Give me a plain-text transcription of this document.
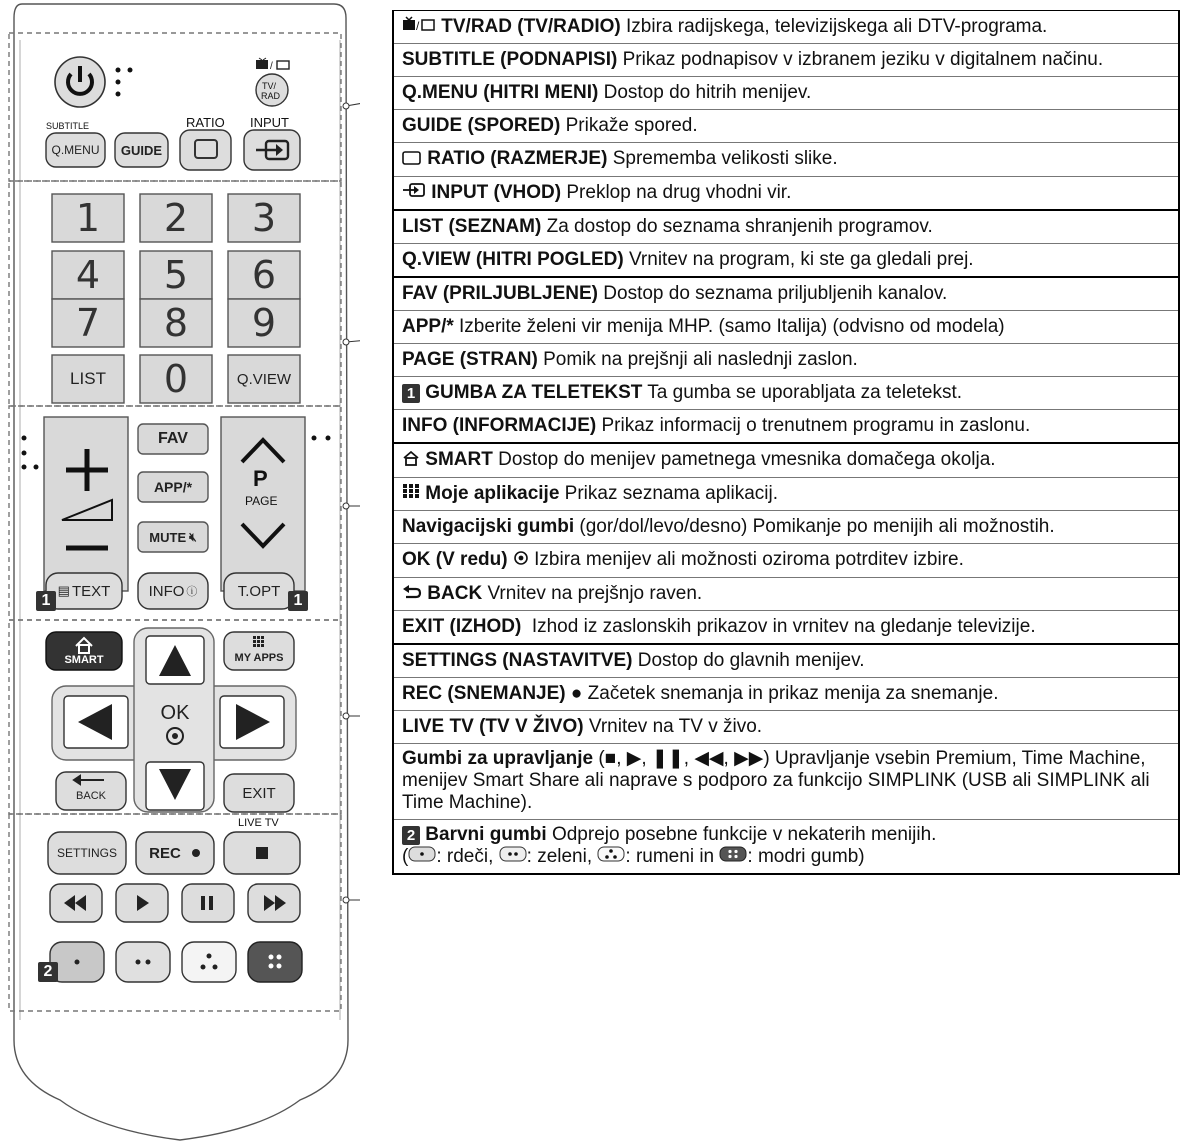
/
SUBTITLE	RATIO INPUT
TV/
RAD
LIVE TV
P
PAGE
Q.MENU	GUIDE
1	2	3
4	5	6
7	8	9
0
LIST	Q.VIEW
FAV
APP/*
MUTE 🔇︎
▤ TEXT	INFO ⓘ	T.OPT
SMART	MY APPS
OK
BACK	EXIT
SETTINGS	REC
1	1
2
/ TV/RAD (TV/RADIO) Izbira radijskega, televizijskega ali DTV-programa.
SUBTITLE (PODNAPISI) Prikaz podnapisov v izbranem jeziku v digitalnem načinu.
Q.MENU (HITRI MENI) Dostop do hitrih menijev.
GUIDE (SPORED) Prikaže spored.
RATIO (RAZMERJE) Sprememba velikosti slike.
INPUT (VHOD) Preklop na drug vhodni vir.
LIST (SEZNAM) Za dostop do seznama shranjenih programov.
Q.VIEW (HITRI POGLED) Vrnitev na program, ki ste ga gledali prej.
FAV (PRILJUBLJENE) Dostop do seznama priljubljenih kanalov.
APP/* Izberite želeni vir menija MHP. (samo Italija) (odvisno od modela)
PAGE (STRAN) Pomik na prejšnji ali naslednji zaslon.
1 GUMBA ZA TELETEKST Ta gumba se uporabljata za teletekst.
INFO (INFORMACIJE) Prikaz informacij o trenutnem programu in zaslonu.
SMART Dostop do menijev pametnega vmesnika domačega okolja.
Moje aplikacije Prikaz seznama aplikacij.
Navigacijski gumbi (gor/dol/levo/desno) Pomikanje po menijih ali možnostih.
OK (V redu)  Izbira menijev ali možnosti oziroma potrditev izbire.
BACK Vrnitev na prejšnjo raven.
EXIT (IZHOD)  Izhod iz zaslonskih prikazov in vrnitev na gledanje televizije.
SETTINGS (NASTAVITVE) Dostop do glavnih menijev.
REC (SNEMANJE) ● Začetek snemanja in prikaz menija za snemanje.
LIVE TV (TV V ŽIVO) Vrnitev na TV v živo.
Gumbi za upravljanje (■, ▶, ❚❚, ◀◀, ▶▶) Upravljanje vsebin Premium, Time Machine, menijev Smart Share ali naprave s podporo za funkcijo SIMPLINK (USB ali SIMPLINK ali Time Machine).
2 Barvni gumbi Odprejo posebne funkcije v nekaterih menijih.
( : rdeči, : zeleni, : rumeni in : modri gumb)
